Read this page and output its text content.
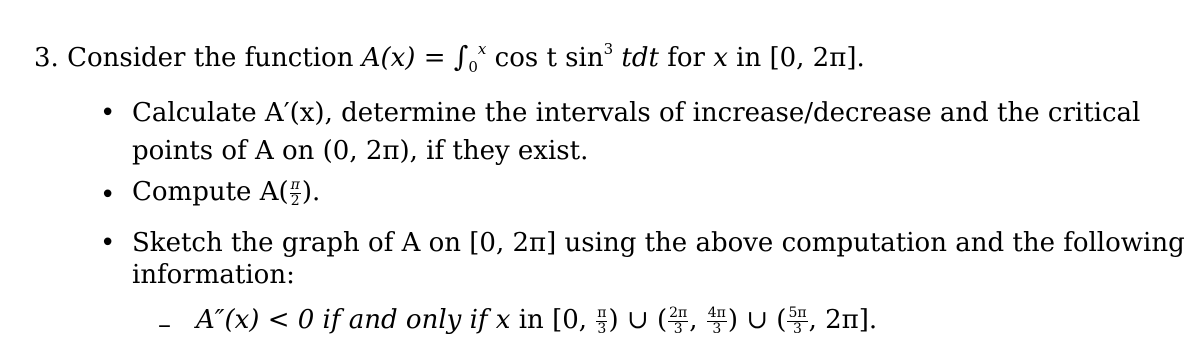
3. Consider the function $A(x) = \int_0^x$ cos t $\sin^3$ tdt for x in [0, 2π].
• Calculate A′(x), determine the intervals of increase/decrease and the critical
points of A on (0, 2π), if they exist.
• Compute $A( \frac{\pi}{2}$ ).
• Sketch the graph of A on [0, 2π] using the above computation and the following
information:
– A″(x) < 0 if and only if x in [0, $\frac{\pi}{3}$ ) ∪ ( $\frac{2\pi}{3}$ , $\frac{4\pi}{3}$ ) ∪ ( $\frac{5\pi}{3}$ , 2π].
